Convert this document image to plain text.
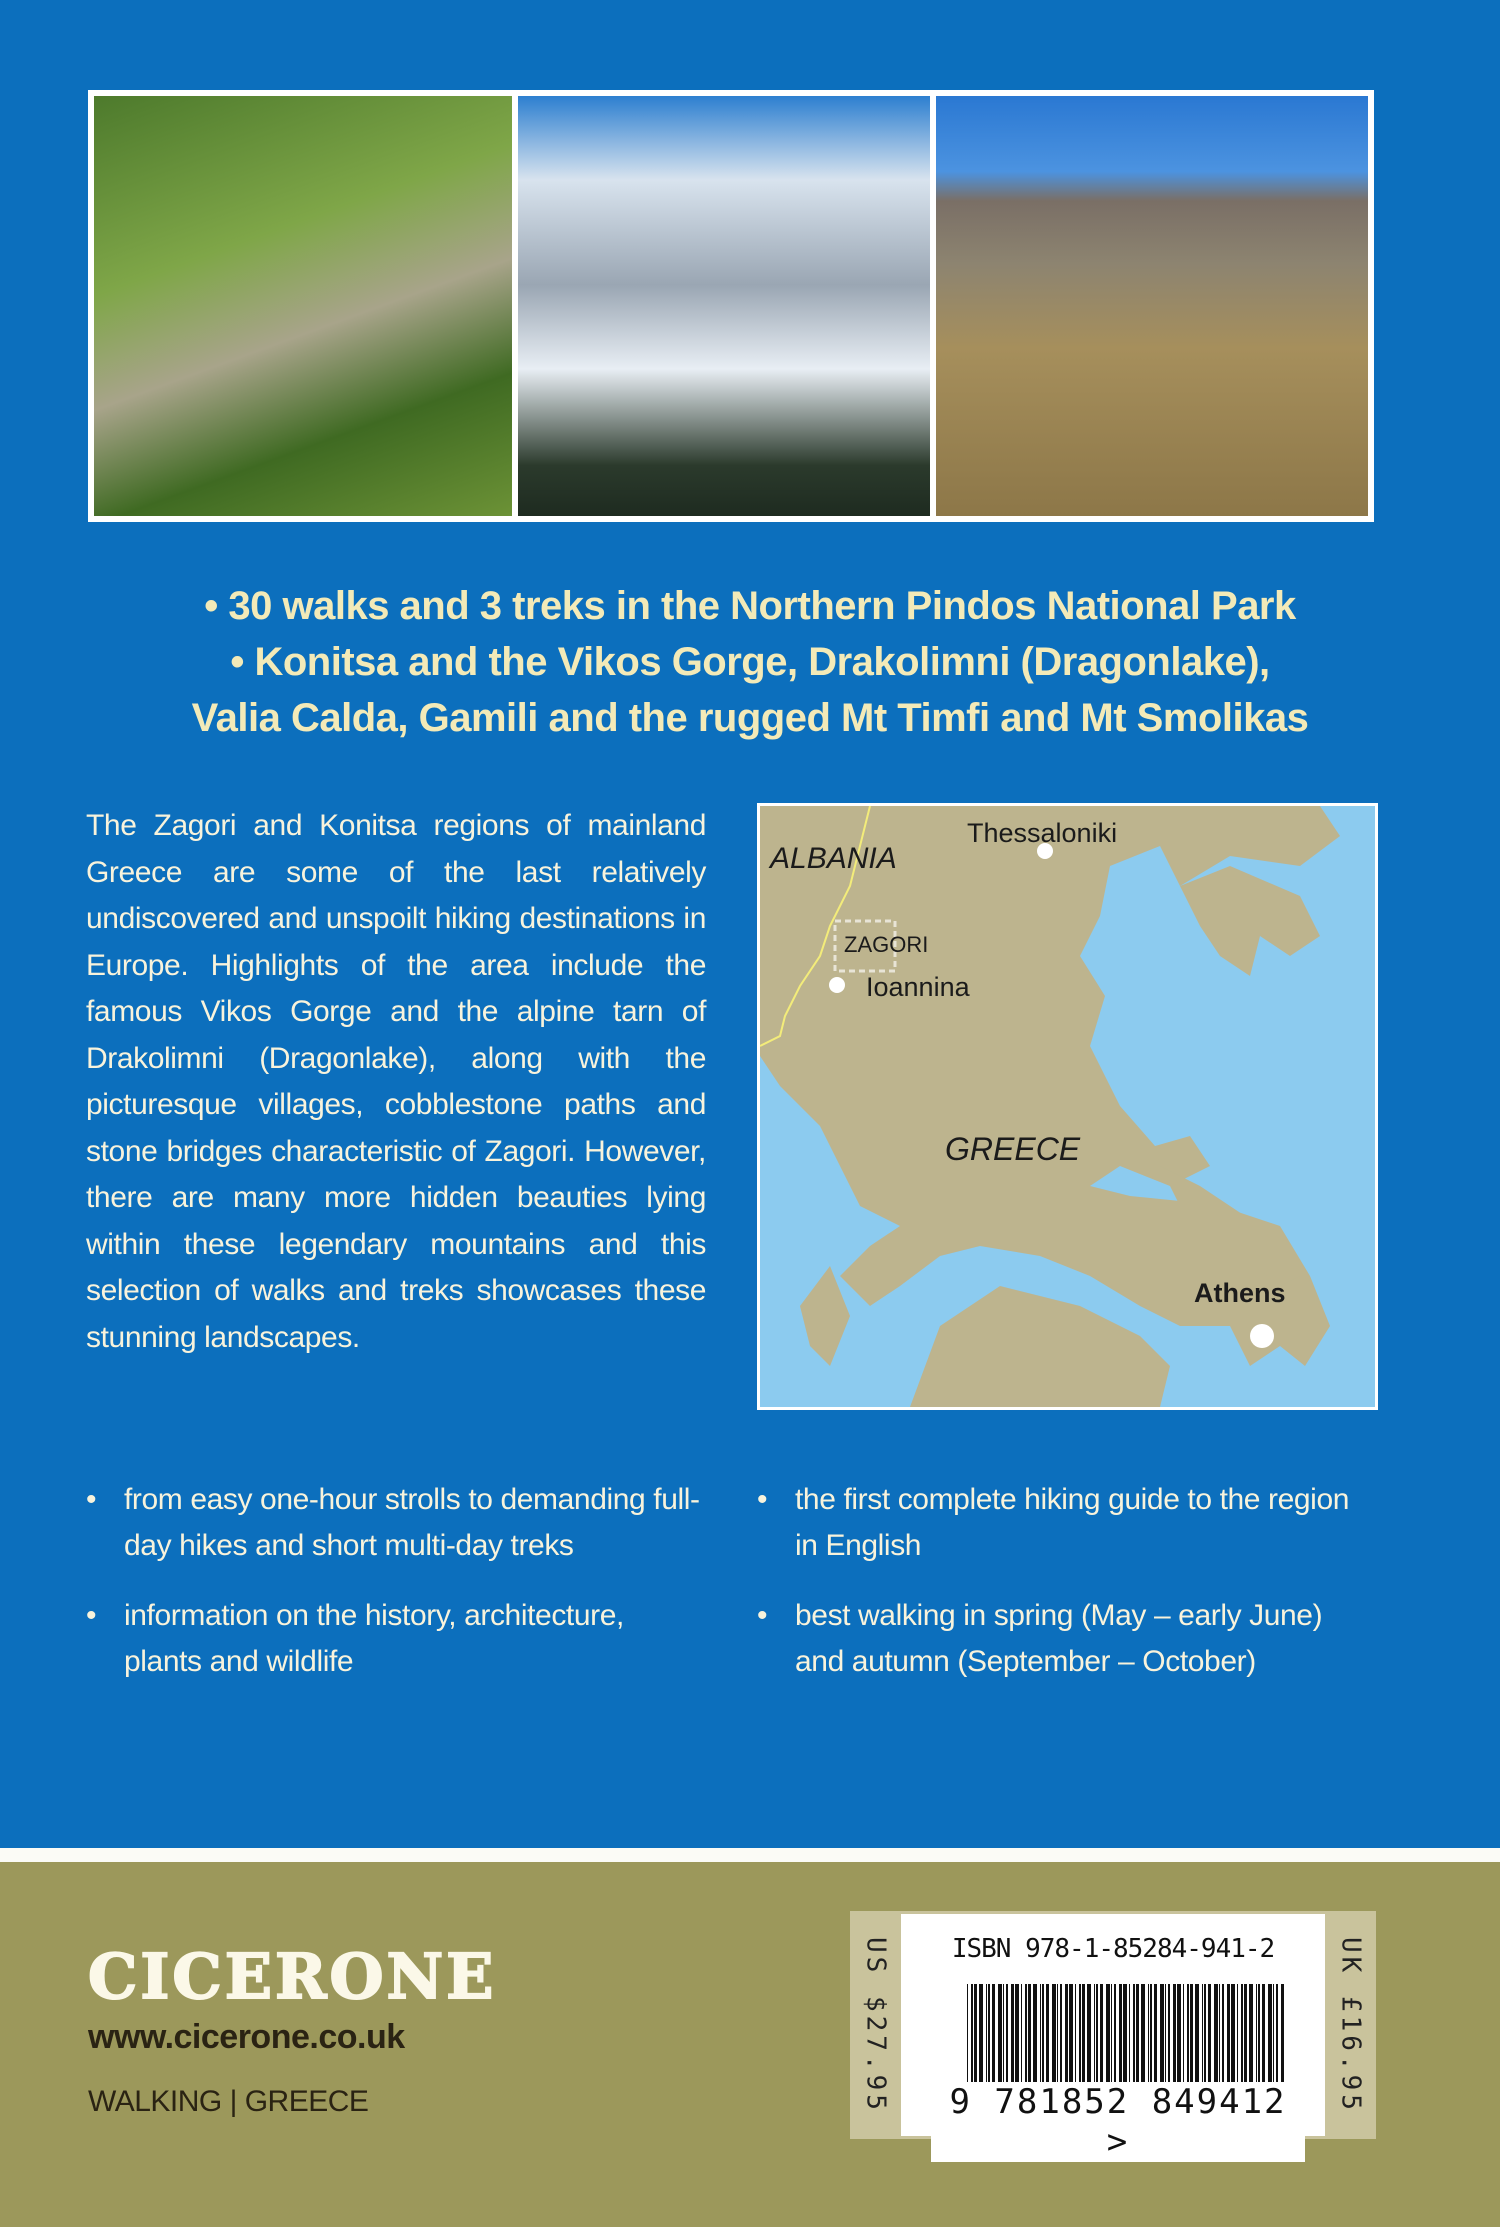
• 30 walks and 3 treks in the Northern Pindos National Park
• Konitsa and the Vikos Gorge, Drakolimni (Dragonlake),
Valia Calda, Gamili and the rugged Mt Timfi and Mt Smolikas
The Zagori and Konitsa regions of mainland Greece are some of the last relatively undiscovered and unspoilt hiking destinations in Europe. Highlights of the area include the famous Vikos Gorge and the alpine tarn of Drakolimni (Dragonlake), along with the picturesque villages, cobblestone paths and stone bridges characteristic of Zagori. However, there are many more hidden beauties lying within these legendary mountains and this selection of walks and treks showcases these stunning landscapes.
ALBANIA
Thessaloniki
ZAGORI
Ioannina
GREECE
Athens
• from easy one-hour strolls to demanding full-day hikes and short multi-day treks
• information on the history, architecture, plants and wildlife
• the first complete hiking guide to the region in English
• best walking in spring (May – early June) and autumn (September – October)
CICERONE
www.cicerone.co.uk
WALKING | GREECE	US $27.95	ISBN 978-1-85284-941-2
9 781852 849412 >
UK £16.95
